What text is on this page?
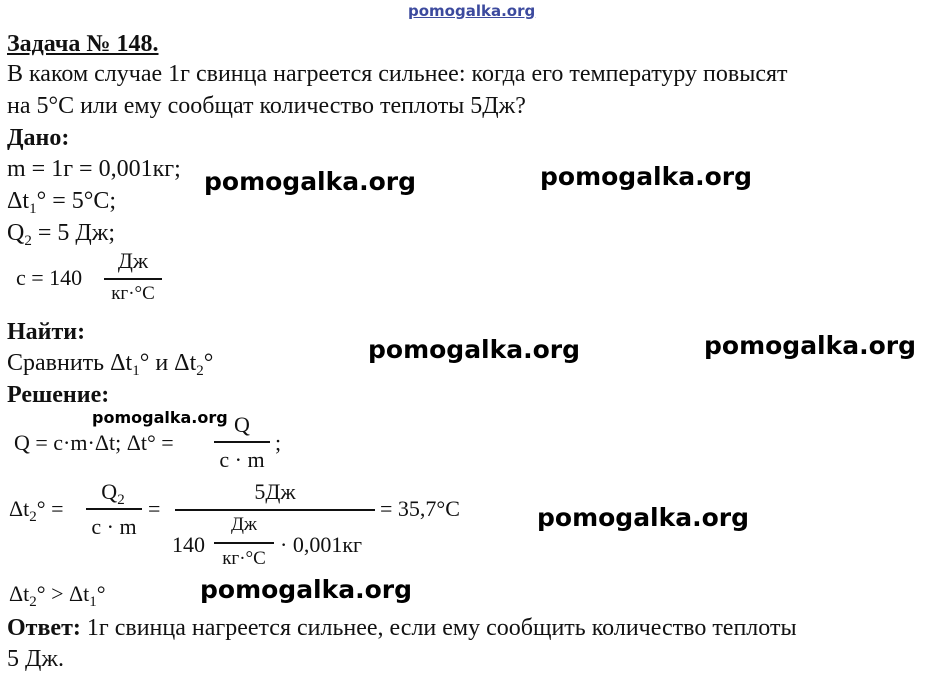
pomogalka.org
Задача № 148.
В каком случае 1г свинца нагреется сильнее: когда его температуру повысят
на 5°С или ему сообщат количество теплоты 5Дж?
Дано:
m = 1г = 0,001кг;
$\Delta t_1^\circ = 5^\circ С$;
$Q_2 = 5$ Дж;
c = 140
Дж
кг·°C
Найти:
Сравнить $\Delta t_1^\circ$ и $\Delta t_2^\circ$
Решение:
Q = c·m·Δt; Δt° =
Q
c · m
;
$\Delta t_2^\circ$ =
$Q_2$
c · m
=
5Дж
140
Дж
кг·°C
· 0,001кг
= 35,7°С
$\Delta t_2^\circ > \Delta t_1^\circ$
Ответ: 1г свинца нагреется сильнее, если ему сообщить количество теплоты
5 Дж.
pomogalka.org	pomogalka.org
pomogalka.org	pomogalka.org
pomogalka.org
pomogalka.org
pomogalka.org
